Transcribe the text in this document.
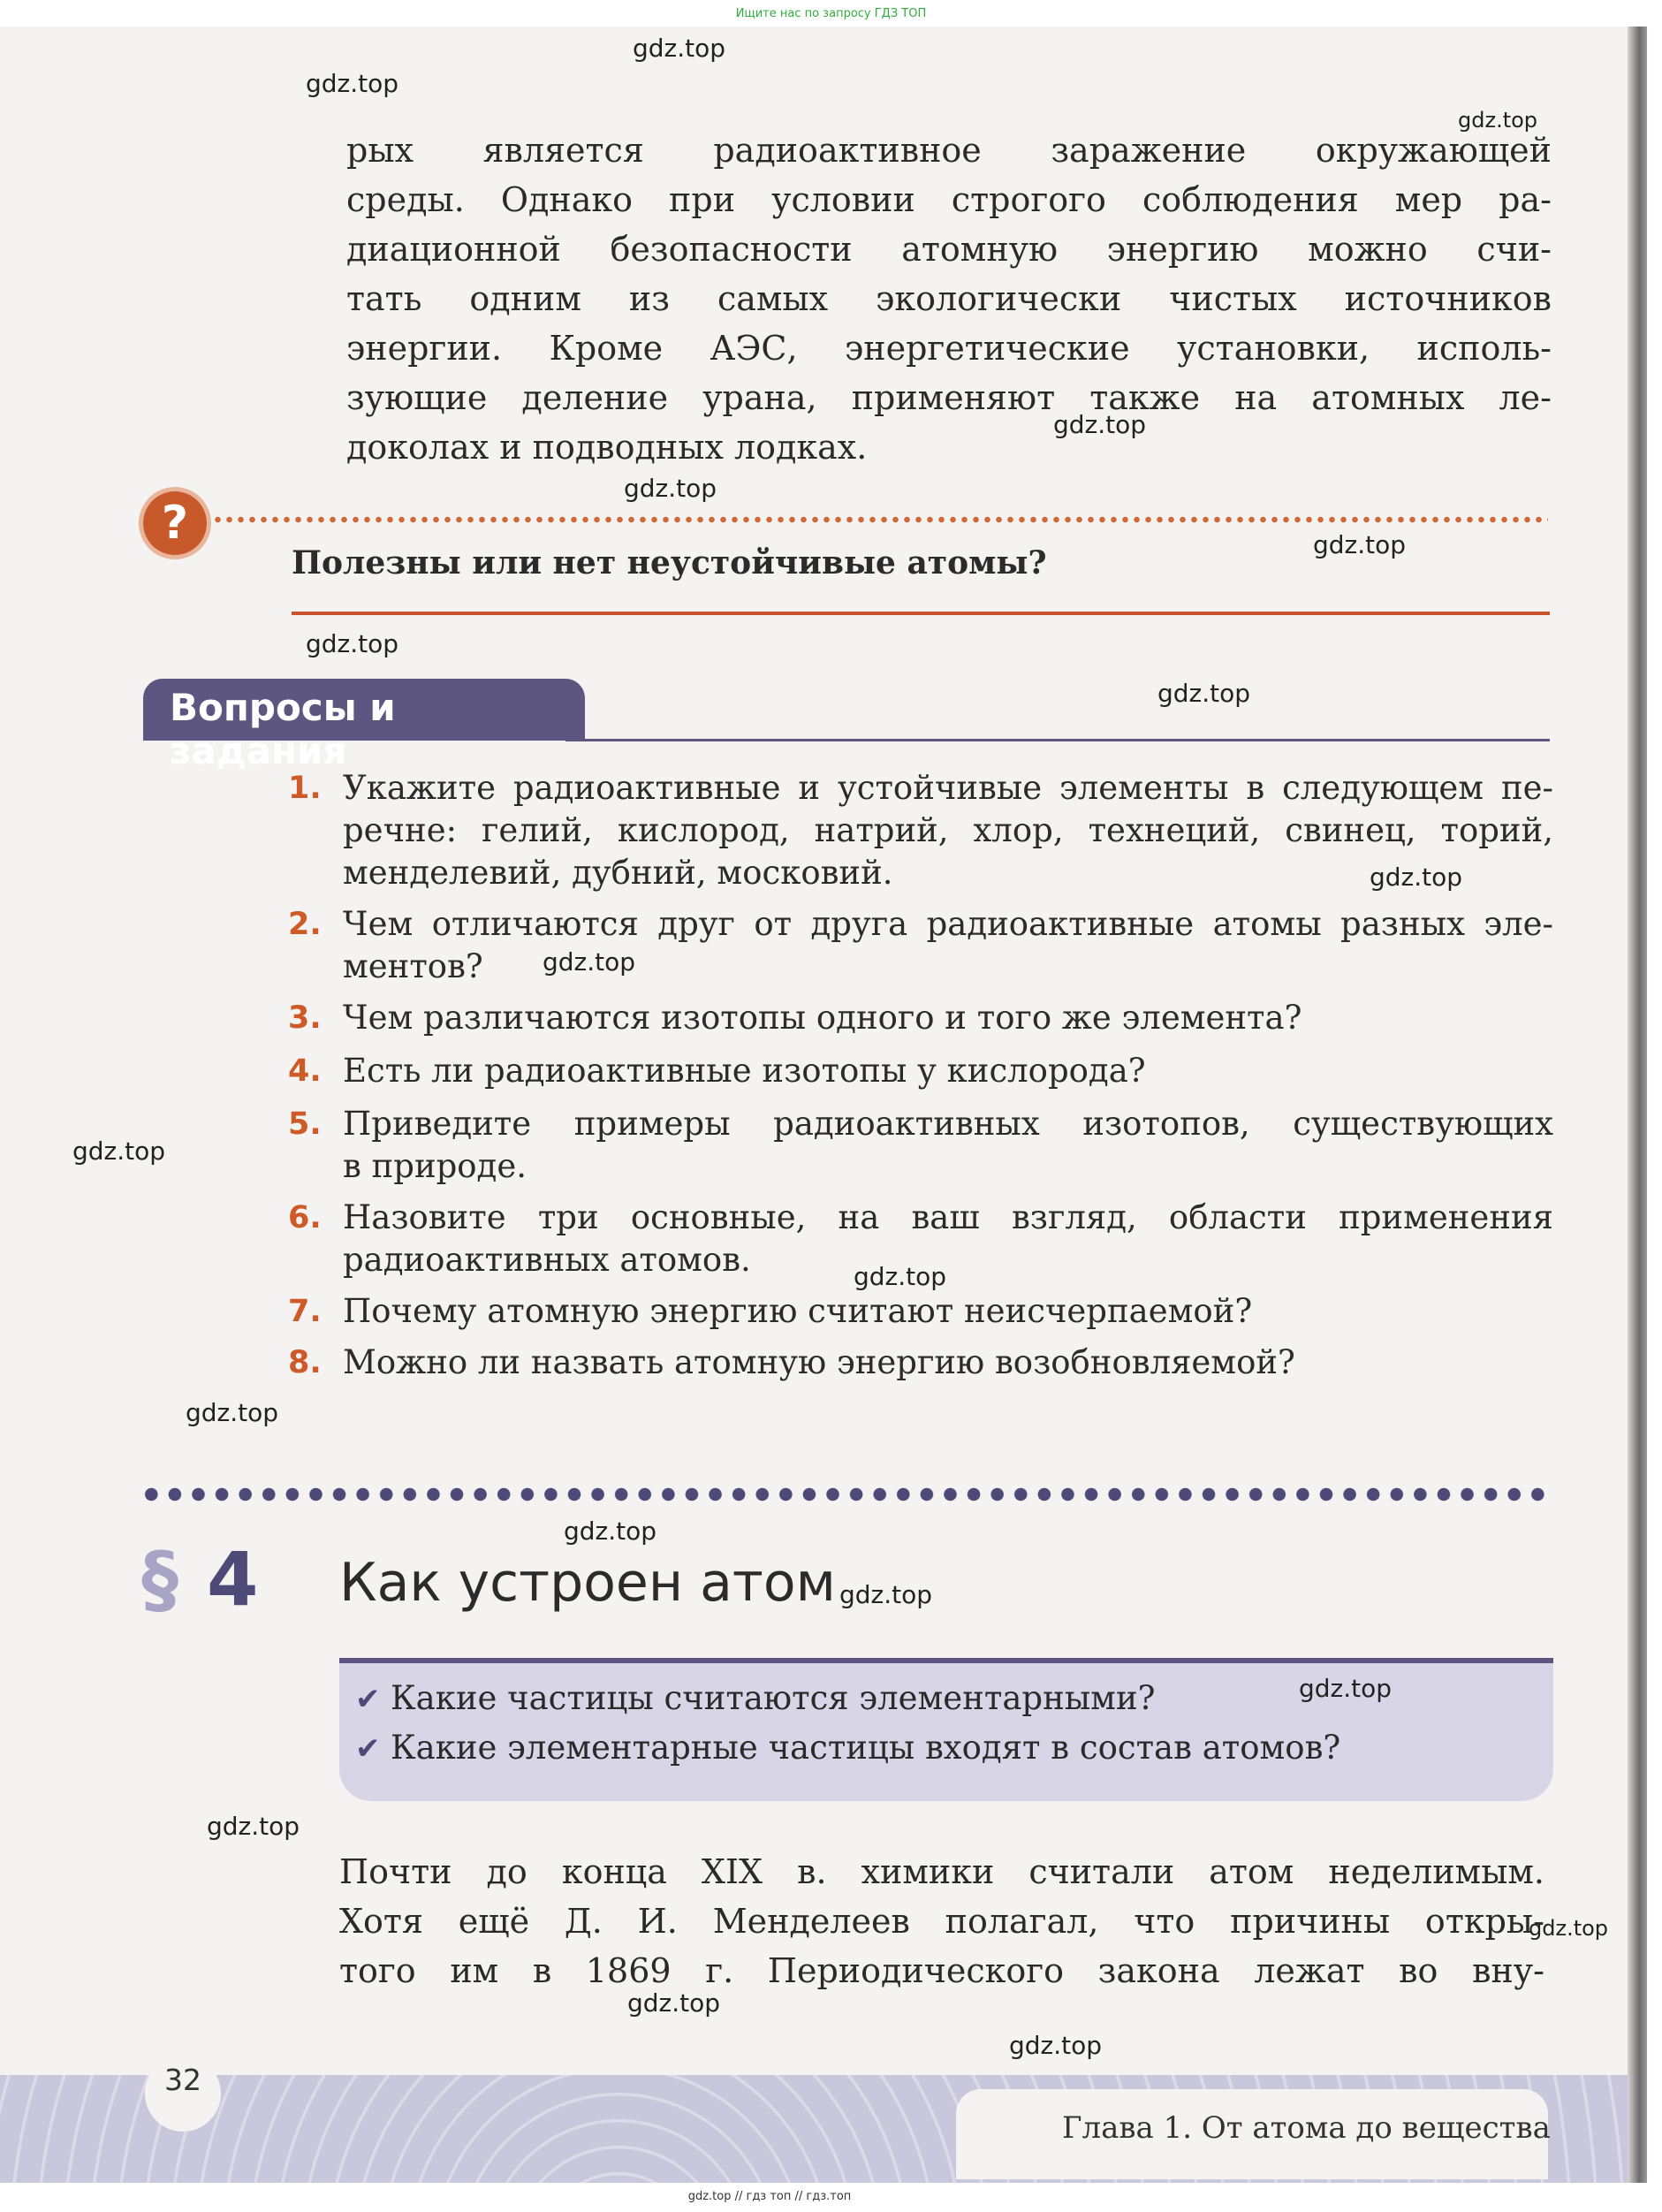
Ищите нас по запросу ГДЗ ТОП
рых является радиоактивное заражение окружающей
среды. Однако при условии строгого соблюдения мер ра-
диационной безопасности атомную энергию можно счи-
тать одним из самых экологически чистых источников
энергии. Кроме АЭС, энергетические установки, исполь-
зующие деление урана, применяют также на атомных ле-
доколах и подводных лодках.
?
Полезны или нет неустойчивые атомы?
Вопросы и задания
1. Укажите радиоактивные и устойчивые элементы в следующем пе-
речне: гелий, кислород, натрий, хлор, технеций, свинец, торий,
менделевий, дубний, московий.
2. Чем отличаются друг от друга радиоактивные атомы разных эле-
ментов?
3. Чем различаются изотопы одного и того же элемента?
4. Есть ли радиоактивные изотопы у кислорода?
5. Приведите примеры радиоактивных изотопов, существующих
в природе.
6. Назовите три основные, на ваш взгляд, области применения
радиоактивных атомов.
7. Почему атомную энергию считают неисчерпаемой?
8. Можно ли назвать атомную энергию возобновляемой?
§ 4 Как устроен атом
✔ Какие частицы считаются элементарными?
✔ Какие элементарные частицы входят в состав атомов?
Почти до конца XIX в. химики считали атом неделимым.
Хотя ещё Д. И. Менделеев полагал, что причины откры-
того им в 1869 г. Периодического закона лежат во вну-
32
Глава 1. От атома до вещества
gdz.top // гдз топ // гдз.топ
gdz.top
gdz.top
gdz.top
gdz.top
gdz.top
gdz.top
gdz.top
gdz.top
gdz.top
gdz.top
gdz.top
gdz.top
gdz.top
gdz.top
gdz.top
gdz.top
gdz.top
gdz.top
gdz.top
gdz.top
